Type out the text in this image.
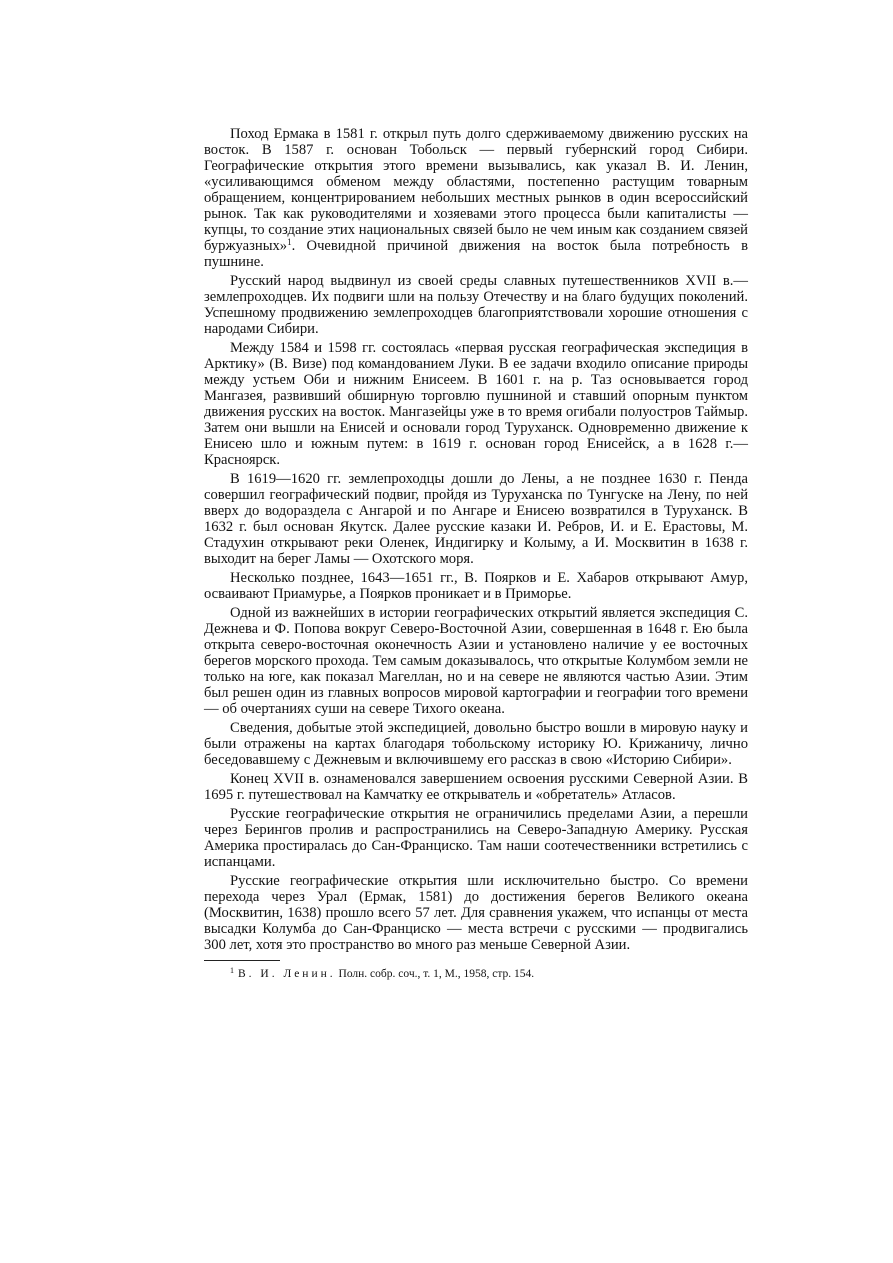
Поход Ермака в 1581 г. открыл путь долго сдерживаемому движению русских на восток. В 1587 г. основан Тобольск — первый губернский город Сибири. Географические открытия этого времени вызывались, как указал В. И. Ленин, «усиливающимся обменом между областями, постепенно растущим товарным обращением, концентрированием небольших местных рынков в один всероссийский рынок. Так как руководителями и хозяевами этого процесса были капиталисты — купцы, то создание этих национальных связей было не чем иным как созданием связей буржуазных»$^1$. Очевидной причиной движения на восток была потребность в пушнине.

Русский народ выдвинул из своей среды славных путешественников XVII в.— землепроходцев. Их подвиги шли на пользу Отечеству и на благо будущих поколений. Успешному продвижению землепроходцев благоприятствовали хорошие отношения с народами Сибири.

Между 1584 и 1598 гг. состоялась «первая русская географическая экспедиция в Арктику» (В. Визе) под командованием Луки. В ее задачи входило описание природы между устьем Оби и нижним Енисеем. В 1601 г. на р. Таз основывается город Мангазея, развивший обширную торговлю пушниной и ставший опорным пунктом движения русских на восток. Мангазейцы уже в то время огибали полуостров Таймыр. Затем они вышли на Енисей и основали город Туруханск. Одновременно движение к Енисею шло и южным путем: в 1619 г. основан город Енисейск, а в 1628 г.— Красноярск.

В 1619—1620 гг. землепроходцы дошли до Лены, а не позднее 1630 г. Пенда совершил географический подвиг, пройдя из Туруханска по Тунгуске на Лену, по ней вверх до водораздела с Ангарой и по Ангаре и Енисею возвратился в Туруханск. В 1632 г. был основан Якутск. Далее русские казаки И. Ребров, И. и Е. Ерастовы, М. Стадухин открывают реки Оленек, Индигирку и Колыму, а И. Москвитин в 1638 г. выходит на берег Ламы — Охотского моря.

Несколько позднее, 1643—1651 гг., В. Поярков и Е. Хабаров открывают Амур, осваивают Приамурье, а Поярков проникает и в Приморье.

Одной из важнейших в истории географических открытий является экспедиция С. Дежнева и Ф. Попова вокруг Северо-Восточной Азии, совершенная в 1648 г. Ею была открыта северо-восточная оконечность Азии и установлено наличие у ее восточных берегов морского прохода. Тем самым доказывалось, что открытые Колумбом земли не только на юге, как показал Магеллан, но и на севере не являются частью Азии. Этим был решен один из главных вопросов мировой картографии и географии того времени — об очертаниях суши на севере Тихого океана.

Сведения, добытые этой экспедицией, довольно быстро вошли в мировую науку и были отражены на картах благодаря тобольскому историку Ю. Крижаничу, лично беседовавшему с Дежневым и включившему его рассказ в свою «Историю Сибири».

Конец XVII в. ознаменовался завершением освоения русскими Северной Азии. В 1695 г. путешествовал на Камчатку ее открыватель и «обретатель» Атласов.

Русские географические открытия не ограничились пределами Азии, а перешли через Берингов пролив и распространились на Северо-Западную Америку. Русская Америка простиралась до Сан-Франциско. Там наши соотечественники встретились с испанцами.

Русские географические открытия шли исключительно быстро. Со времени перехода через Урал (Ермак, 1581) до достижения берегов Великого океана (Москвитин, 1638) прошло всего 57 лет. Для сравнения укажем, что испанцы от места высадки Колумба до Сан-Франциско — места встречи с русскими — продвигались 300 лет, хотя это пространство во много раз меньше Северной Азии.

$^1$ В. И. Ленин. Полн. собр. соч., т. 1, М., 1958, стр. 154.
